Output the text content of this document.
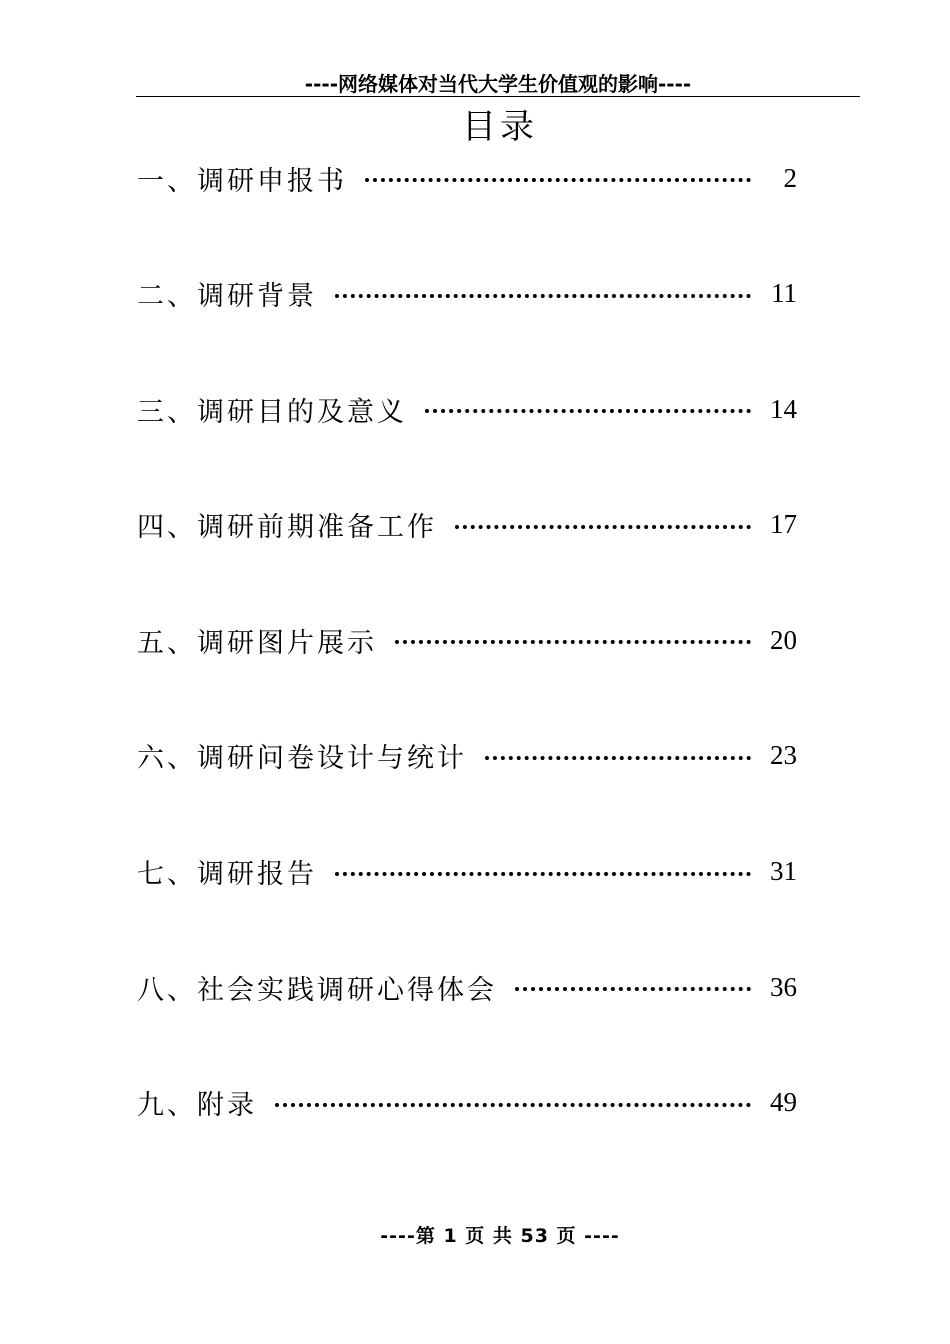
----网络媒体对当代大学生价值观的影响----
目录
一、调研申报书	2
二、调研背景	11
三、调研目的及意义	14
四、调研前期准备工作	17
五、调研图片展示	20
六、调研问卷设计与统计	23
七、调研报告	31
八、社会实践调研心得体会	36
九、附录	49
----第 1 页 共 53 页 ----
